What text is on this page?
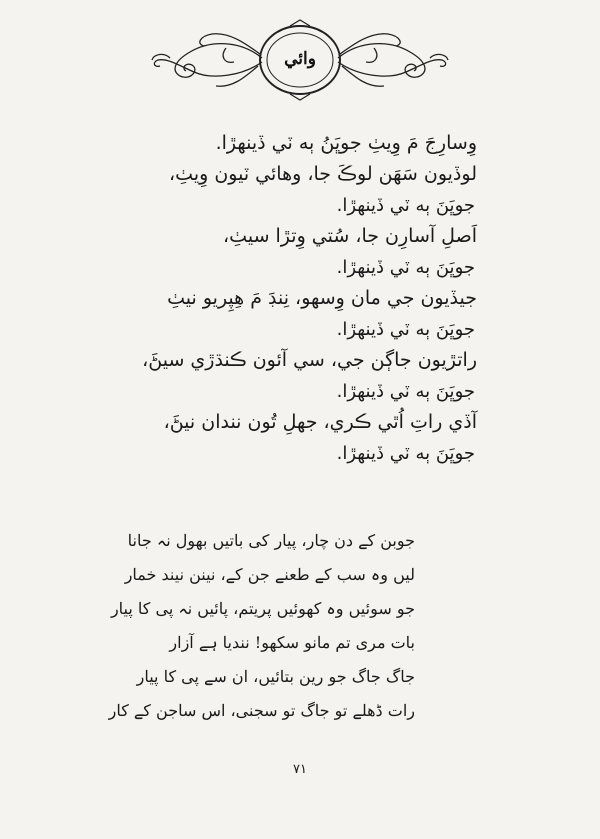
وائي
وِسارِجَ مَ وِيٺِ جوڀَنُ ٻه ٽي ڏينهڙا.
لوڏيون سَهَن لوڪَ جا، وهائي ٽيون وِيٺِ،
جوڀَنَ ٻه ٽي ڏينهڙا.
اَصلِ آسارِن جا، سُتي وِتڙا سيٺِ،
جوڀَنَ ٻه ٽي ڏينهڙا.
جيڏيون جي مان وِسهو، نِنڊَ مَ هِپِريو نيٺِ
جوڀَنَ ٻه ٽي ڏينهڙا.
راتڙيون جاڳن جي، سي آئون ڪنڌڙي سيڻَ،
جوڀَنَ ٻه ٽي ڏينهڙا.
آڏي راتِ اُٿي ڪري، جهلِ تُون نندان نيڻَ،
جوڀَنَ ٻه ٽي ڏينهڙا.
جوبن کے دن چار، پیار کی باتیں بھول نہ جانا
لیں وہ سب کے طعنے جن کے، نینن نیند خمار
جو سوئیں وہ کھوئیں پریتم، پائیں نہ پی کا پیار
بات مری تم مانو سکھو! نندیا ہے آزار
جاگ جاگ جو رین بتائیں، ان سے پی کا پیار
رات ڈھلے تو جاگ تو سجنی، اس ساجن کے کار
۷۱
